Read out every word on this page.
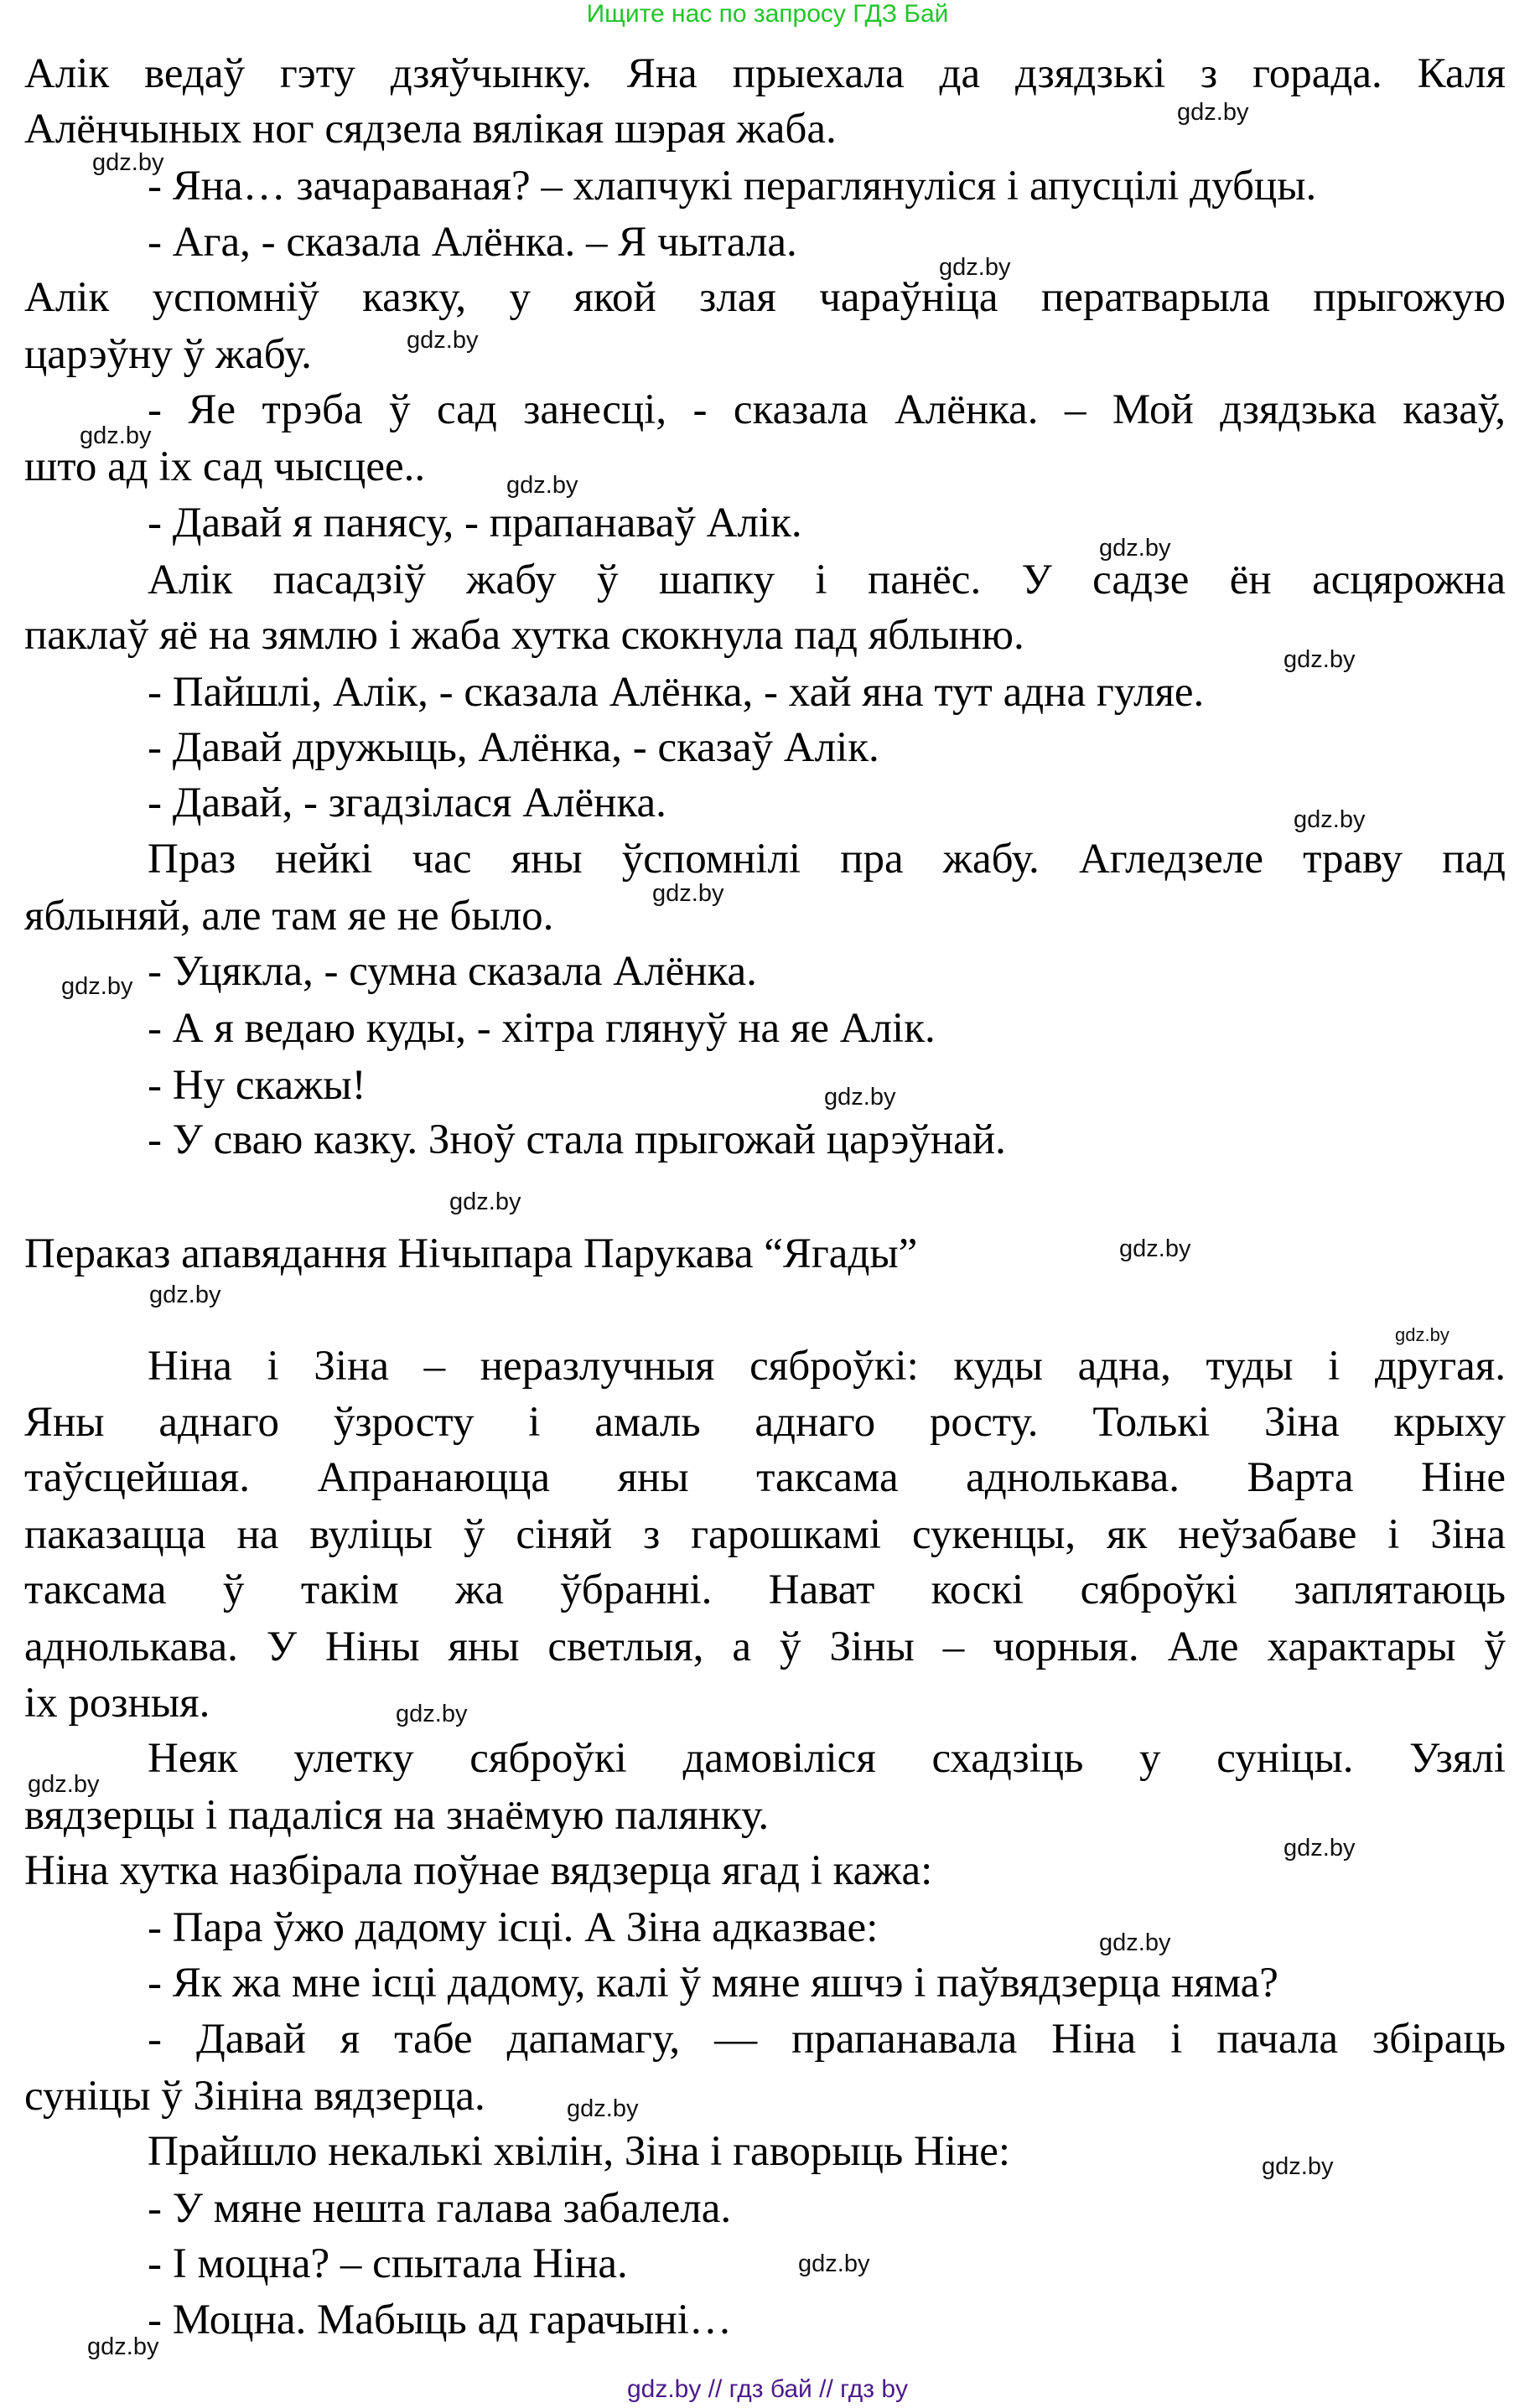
Ищите нас по запросу ГДЗ Бай
Алік ведаў гэту дзяўчынку. Яна прыехала да дзядзькі з горада. Каля
Алёнчыных ног сядзела вялікая шэрая жаба.
- Яна… зачараваная? – хлапчукі пераглянуліся і апусцілі дубцы.
- Ага, - сказала Алёнка. – Я чытала.
Алік успомніў казку, у якой злая чараўніца ператварыла прыгожую
царэўну ў жабу.
- Яе трэба ў сад занесці, - сказала Алёнка. – Мой дзядзька казаў,
што ад іх сад чысцее..
- Давай я панясу, - прапанаваў Алік.
Алік пасадзіў жабу ў шапку і панёс. У садзе ён асцярожна
паклаў яё на зямлю і жаба хутка скокнула пад яблыню.
- Пайшлі, Алік, - сказала Алёнка, - хай яна тут адна гуляе.
- Давай дружыць, Алёнка, - сказаў Алік.
- Давай, - згадзілася Алёнка.
Праз нейкі час яны ўспомнілі пра жабу. Агледзеле траву пад
яблыняй, але там яе не было.
- Уцякла, - сумна сказала Алёнка.
- А я ведаю куды, - хітра глянуў на яе Алік.
- Ну скажы!
- У сваю казку. Зноў стала прыгожай царэўнай.
Пераказ апавядання Нічыпара Парукава “Ягады”
Ніна і Зіна – неразлучныя сяброўкі: куды адна, туды і другая.
Яны аднаго ўзросту і амаль аднаго росту. Толькі Зіна крыху
таўсцейшая. Апранаюцца яны таксама аднолькава. Варта Ніне
паказацца на вуліцы ў сіняй з гарошкамі сукенцы, як неўзабаве і Зіна
таксама ў такім жа ўбранні. Нават коскі сяброўкі заплятаюць
аднолькава. У Ніны яны светлыя, а ў Зіны – чорныя. Але характары ў
іх розныя.
Неяк улетку сяброўкі дамовіліся схадзіць у суніцы. Узялі
вядзерцы і падаліся на знаёмую палянку.
Ніна хутка назбірала поўнае вядзерца ягад і кажа:
- Пара ўжо дадому ісці. А Зіна адказвае:
- Як жа мне ісці дадому, калі ў мяне яшчэ і паўвядзерца няма?
- Давай я табе дапамагу, — прапанавала Ніна і пачала збіраць
суніцы ў Зініна вядзерца.
Прайшло некалькі хвілін, Зіна і гаворыць Ніне:
- У мяне нешта галава забалела.
- І моцна? – спытала Ніна.
- Моцна. Мабыць ад гарачыні…
gdz.by
gdz.by
gdz.by
gdz.by
gdz.by
gdz.by
gdz.by
gdz.by
gdz.by
gdz.by
gdz.by
gdz.by
gdz.by
gdz.by
gdz.by
gdz.by
gdz.by
gdz.by
gdz.by
gdz.by
gdz.by
gdz.by
gdz.by
gdz.by
gdz.by // гдз бай // гдз by
